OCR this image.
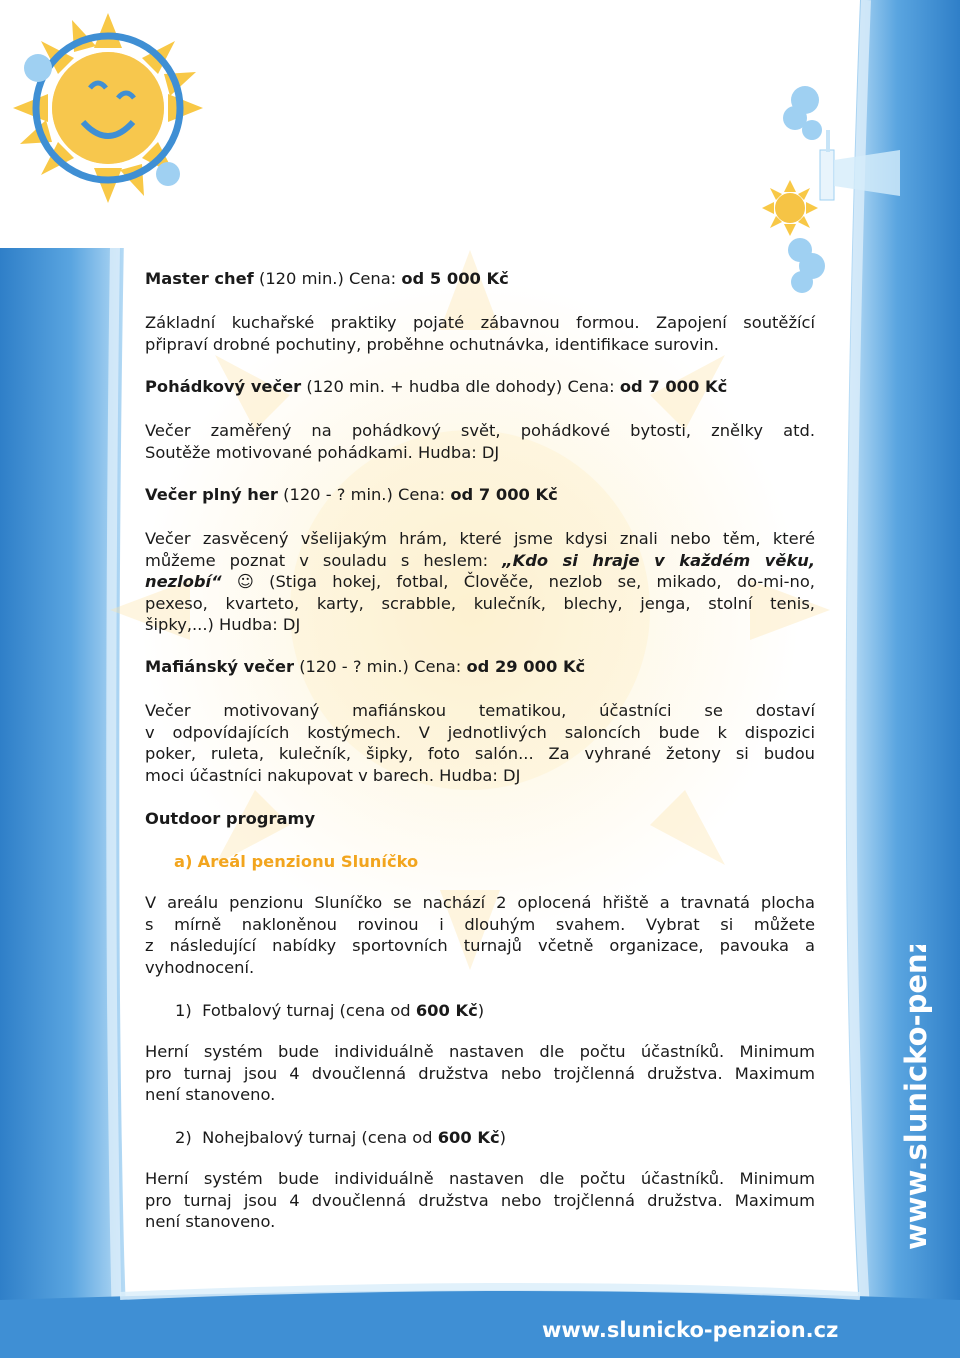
www.slunicko-penzion.cz
www.slunicko-penzion.cz

Master chef (120 min.) Cena: od 5 000 Kč

Základní kuchařské praktiky pojaté zábavnou formou. Zapojení soutěžící
připraví drobné pochutiny, proběhne ochutnávka, identifikace surovin.

Pohádkový večer (120 min. + hudba dle dohody) Cena: od 7 000 Kč

Večer zaměřený na pohádkový svět, pohádkové bytosti, znělky atd.
Soutěže motivované pohádkami. Hudba: DJ

Večer plný her (120 - ? min.) Cena: od 7 000 Kč

Večer zasvěcený všelijakým hrám, které jsme kdysi znali nebo těm, které
můžeme poznat v souladu s heslem: „Kdo si hraje v každém věku,
nezlobí“ ☺ (Stiga hokej, fotbal, Člověče, nezlob se, mikado, do-mi-no,
pexeso, kvarteto, karty, scrabble, kulečník, blechy, jenga, stolní tenis,
šipky,...) Hudba: DJ

Mafiánský večer (120 - ? min.) Cena: od 29 000 Kč

Večer motivovaný mafiánskou tematikou, účastníci se dostaví
v odpovídajících kostýmech. V jednotlivých saloncích bude k dispozici
poker, ruleta, kulečník, šipky, foto salón... Za vyhrané žetony si budou
moci účastníci nakupovat v barech. Hudba: DJ

Outdoor programy

a) Areál penzionu Sluníčko

V areálu penzionu Sluníčko se nachází 2 oplocená hřiště a travnatá plocha
s mírně nakloněnou rovinou i dlouhým svahem. Vybrat si můžete
z následující nabídky sportovních turnajů včetně organizace, pavouka a
vyhodnocení.

1) Fotbalový turnaj (cena od 600 Kč)

Herní systém bude individuálně nastaven dle počtu účastníků. Minimum
pro turnaj jsou 4 dvoučlenná družstva nebo trojčlenná družstva. Maximum
není stanoveno.

2) Nohejbalový turnaj (cena od 600 Kč)

Herní systém bude individuálně nastaven dle počtu účastníků. Minimum
pro turnaj jsou 4 dvoučlenná družstva nebo trojčlenná družstva. Maximum
není stanoveno.
